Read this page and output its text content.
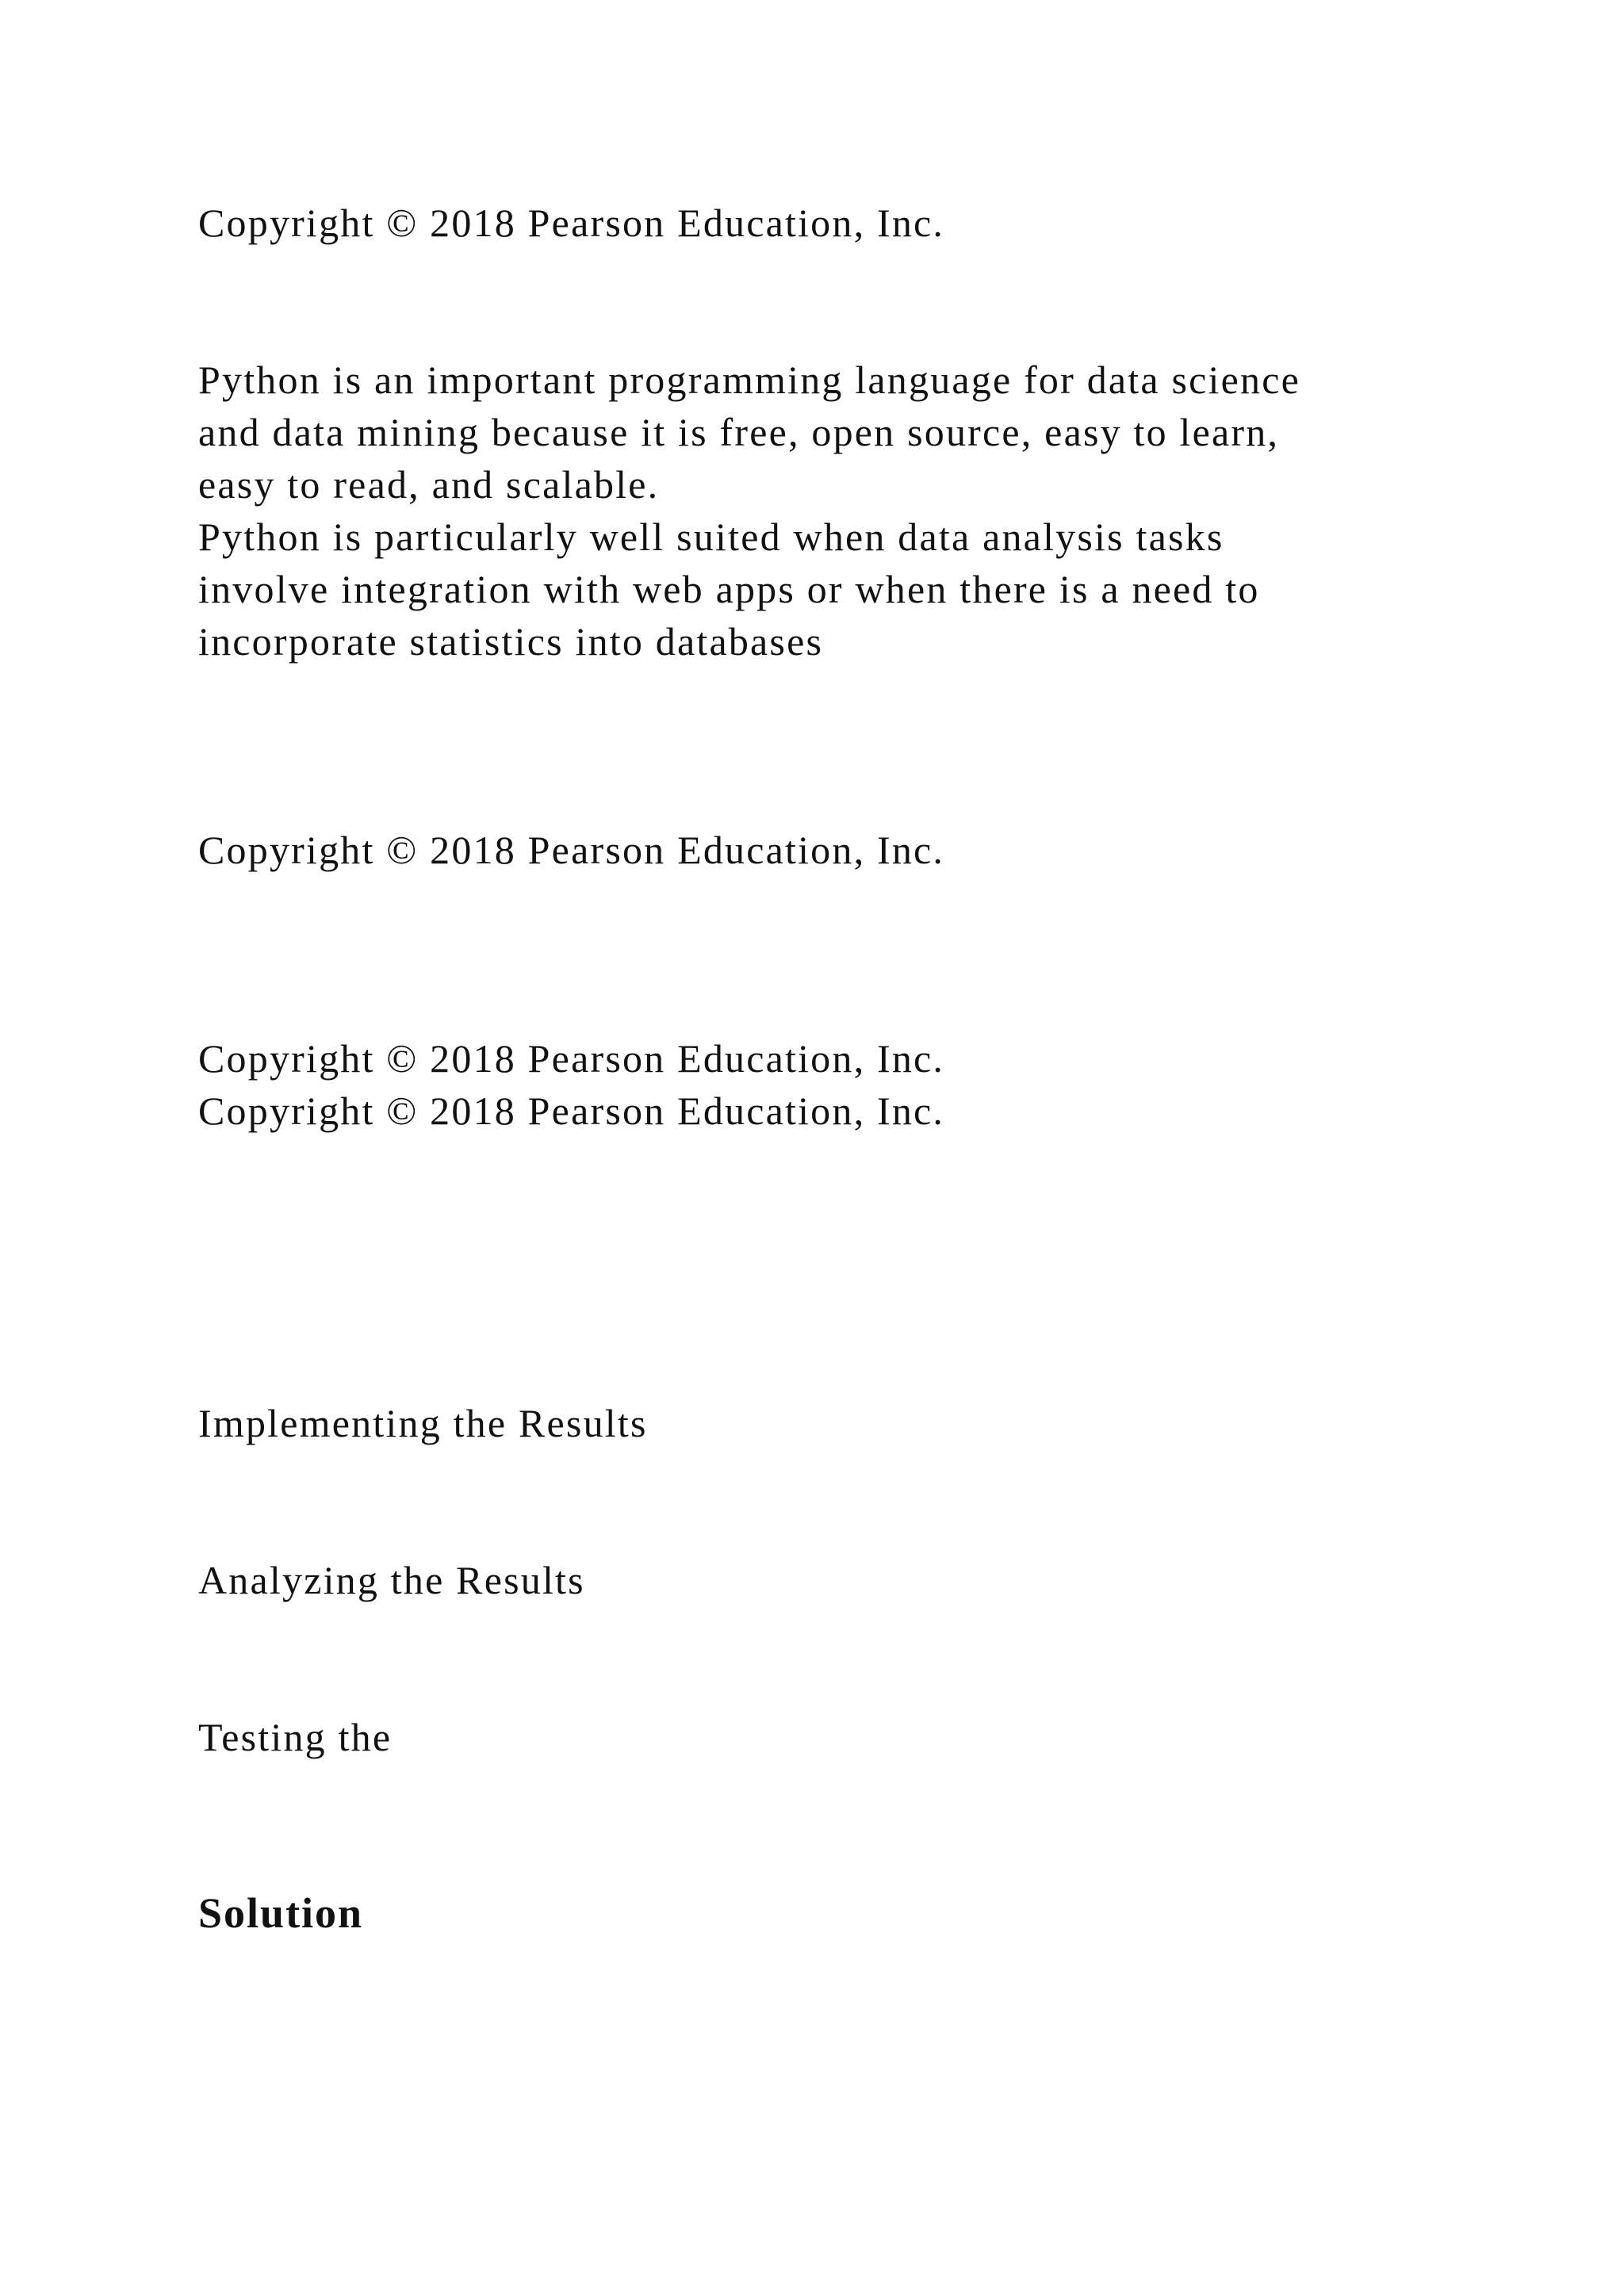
Copyright © 2018 Pearson Education, Inc.

Python is an important programming language for data science

and data mining because it is free, open source, easy to learn,

easy to read, and scalable.

Python is particularly well suited when data analysis tasks

involve integration with web apps or when there is a need to

incorporate statistics into databases

Copyright © 2018 Pearson Education, Inc.

Copyright © 2018 Pearson Education, Inc.

Copyright © 2018 Pearson Education, Inc.

Implementing the Results

Analyzing the Results

Testing the

Solution
